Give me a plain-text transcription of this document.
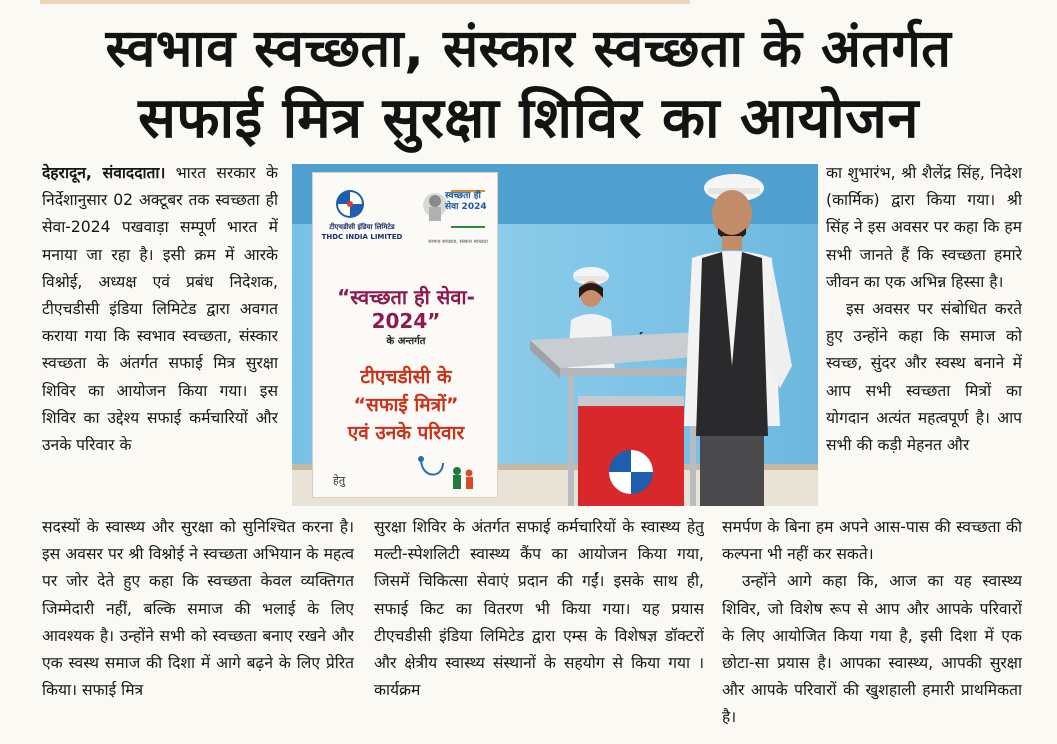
स्वभाव स्वच्छता, संस्कार स्वच्छता के अंतर्गत
सफाई मित्र सुरक्षा शिविर का आयोजन

देहरादून, संवाददाता। भारत सरकार के निर्देशानुसार 02 अक्टूबर तक स्वच्छता ही सेवा-2024 पखवाड़ा सम्पूर्ण भारत में मनाया जा रहा है। इसी क्रम में आरके विश्नोई, अध्यक्ष एवं प्रबंध निदेशक, टीएचडीसी इंडिया लिमिटेड द्वारा अवगत कराया गया कि स्वभाव स्वच्छता, संस्कार स्वच्छता के अंतर्गत सफाई मित्र सुरक्षा शिविर का आयोजन किया गया। इस शिविर का उद्देश्य सफाई कर्मचारियों और उनके परिवार के

सदस्यों के स्वास्थ्य और सुरक्षा को सुनिश्चित करना है। इस अवसर पर श्री विश्नोई ने स्वच्छता अभियान के महत्व पर जोर देते हुए कहा कि स्वच्छता केवल व्यक्तिगत जिम्मेदारी नहीं, बल्कि समाज की भलाई के लिए आवश्यक है। उन्होंने सभी को स्वच्छता बनाए रखने और एक स्वस्थ समाज की दिशा में आगे बढ़ने के लिए प्रेरित किया। सफाई मित्र

सुरक्षा शिविर के अंतर्गत सफाई कर्मचारियों के स्वास्थ्य हेतु मल्टी-स्पेशलिटी स्वास्थ्य कैंप का आयोजन किया गया, जिसमें चिकित्सा सेवाएं प्रदान की गईं। इसके साथ ही, सफाई किट का वितरण भी किया गया। यह प्रयास टीएचडीसी इंडिया लिमिटेड द्वारा एम्स के विशेषज्ञ डॉक्टरों और क्षेत्रीय स्वास्थ्य संस्थानों के सहयोग से किया गया । कार्यक्रम

का शुभारंभ, श्री शैलेंद्र सिंह, निदेश (कार्मिक) द्वारा किया गया। श्री सिंह ने इस अवसर पर कहा कि हम सभी जानते हैं कि स्वच्छता हमारे जीवन का एक अभिन्न हिस्सा है।

इस अवसर पर संबोधित करते हुए उन्होंने कहा कि समाज को स्वच्छ, सुंदर और स्वस्थ बनाने में आप सभी स्वच्छता मित्रों का योगदान अत्यंत महत्वपूर्ण है। आप सभी की कड़ी मेहनत और

समर्पण के बिना हम अपने आस-पास की स्वच्छता की कल्पना भी नहीं कर सकते।

उन्होंने आगे कहा कि, आज का यह स्वास्थ्य शिविर, जो विशेष रूप से आप और आपके परिवारों के लिए आयोजित किया गया है, इसी दिशा में एक छोटा-सा प्रयास है। आपका स्वास्थ्य, आपकी सुरक्षा और आपके परिवारों की खुशहाली हमारी प्राथमिकता है।

टीएचडीसी इंडिया लिमिटेड
THDC INDIA LIMITED
स्वच्छता ही सेवा 2024
स्वभाव स्वच्छता, संस्कार स्वच्छता
“स्वच्छता ही सेवा- 2024”
के अन्तर्गत
टीएचडीसी के
“सफाई मित्रों”
एवं उनके परिवार
हेतु
